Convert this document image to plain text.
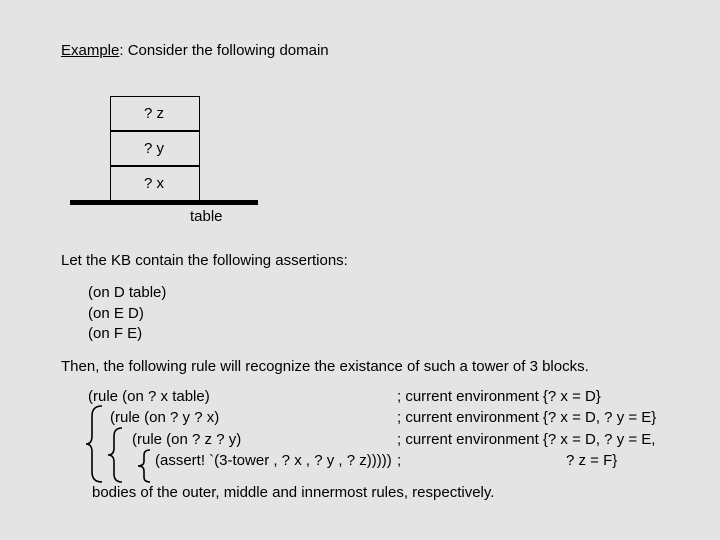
Example: Consider the following domain
? z
? y
? x
table
Let the KB contain the following assertions:
(on D table)
(on E D)
(on F E)
Then, the following rule will recognize the existance of such a tower of 3 blocks.
(rule (on ? x table)
(rule (on ? y ? x)
(rule (on ? z ? y)
(assert! `(3-tower , ? x , ? y , ? z)))))
; current environment {? x = D}
; current environment {? x = D, ? y = E}
; current environment {? x = D, ? y = E,
;	? z = F}
bodies of the outer, middle and innermost rules, respectively.
